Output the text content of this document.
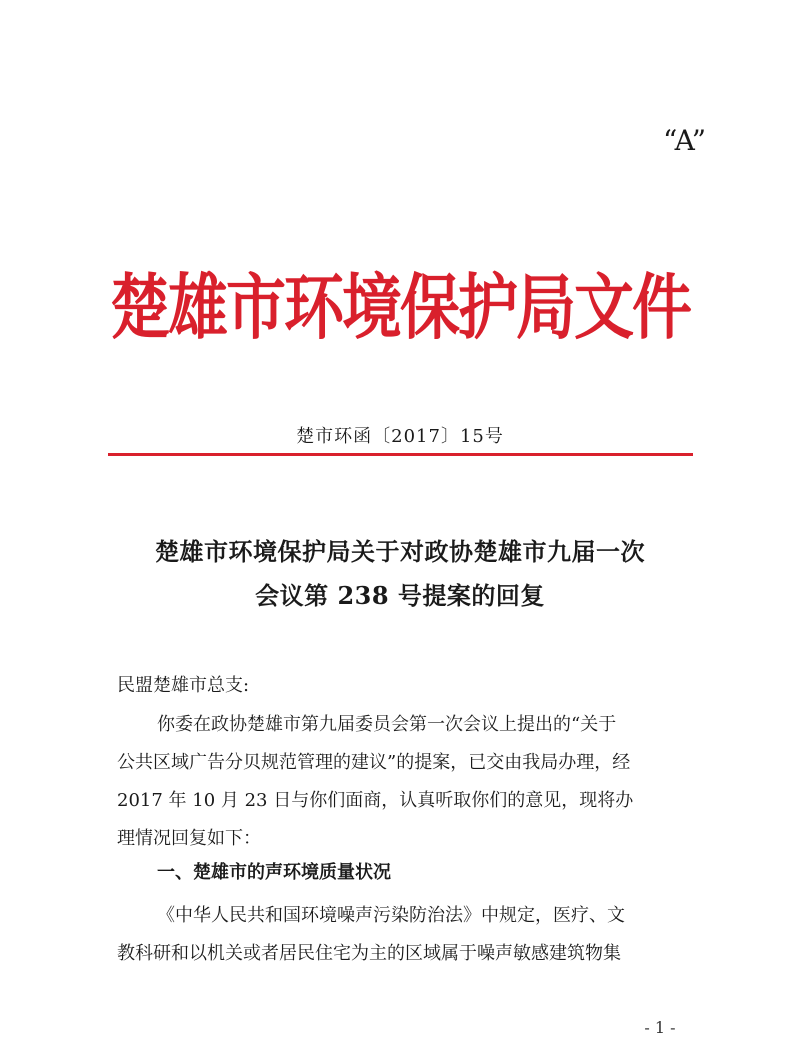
“A”
楚雄市环境保护局文件
楚市环函〔2017〕15号
楚雄市环境保护局关于对政协楚雄市九届一次
会议第 238 号提案的回复
民盟楚雄市总支:
你委在政协楚雄市第九届委员会第一次会议上提出的“关于
公共区域广告分贝规范管理的建议”的提案，已交由我局办理，经
2017 年 10 月 23 日与你们面商，认真听取你们的意见，现将办
理情况回复如下：
一、楚雄市的声环境质量状况
《中华人民共和国环境噪声污染防治法》中规定，医疗、文
教科研和以机关或者居民住宅为主的区域属于噪声敏感建筑物集
- 1 -
